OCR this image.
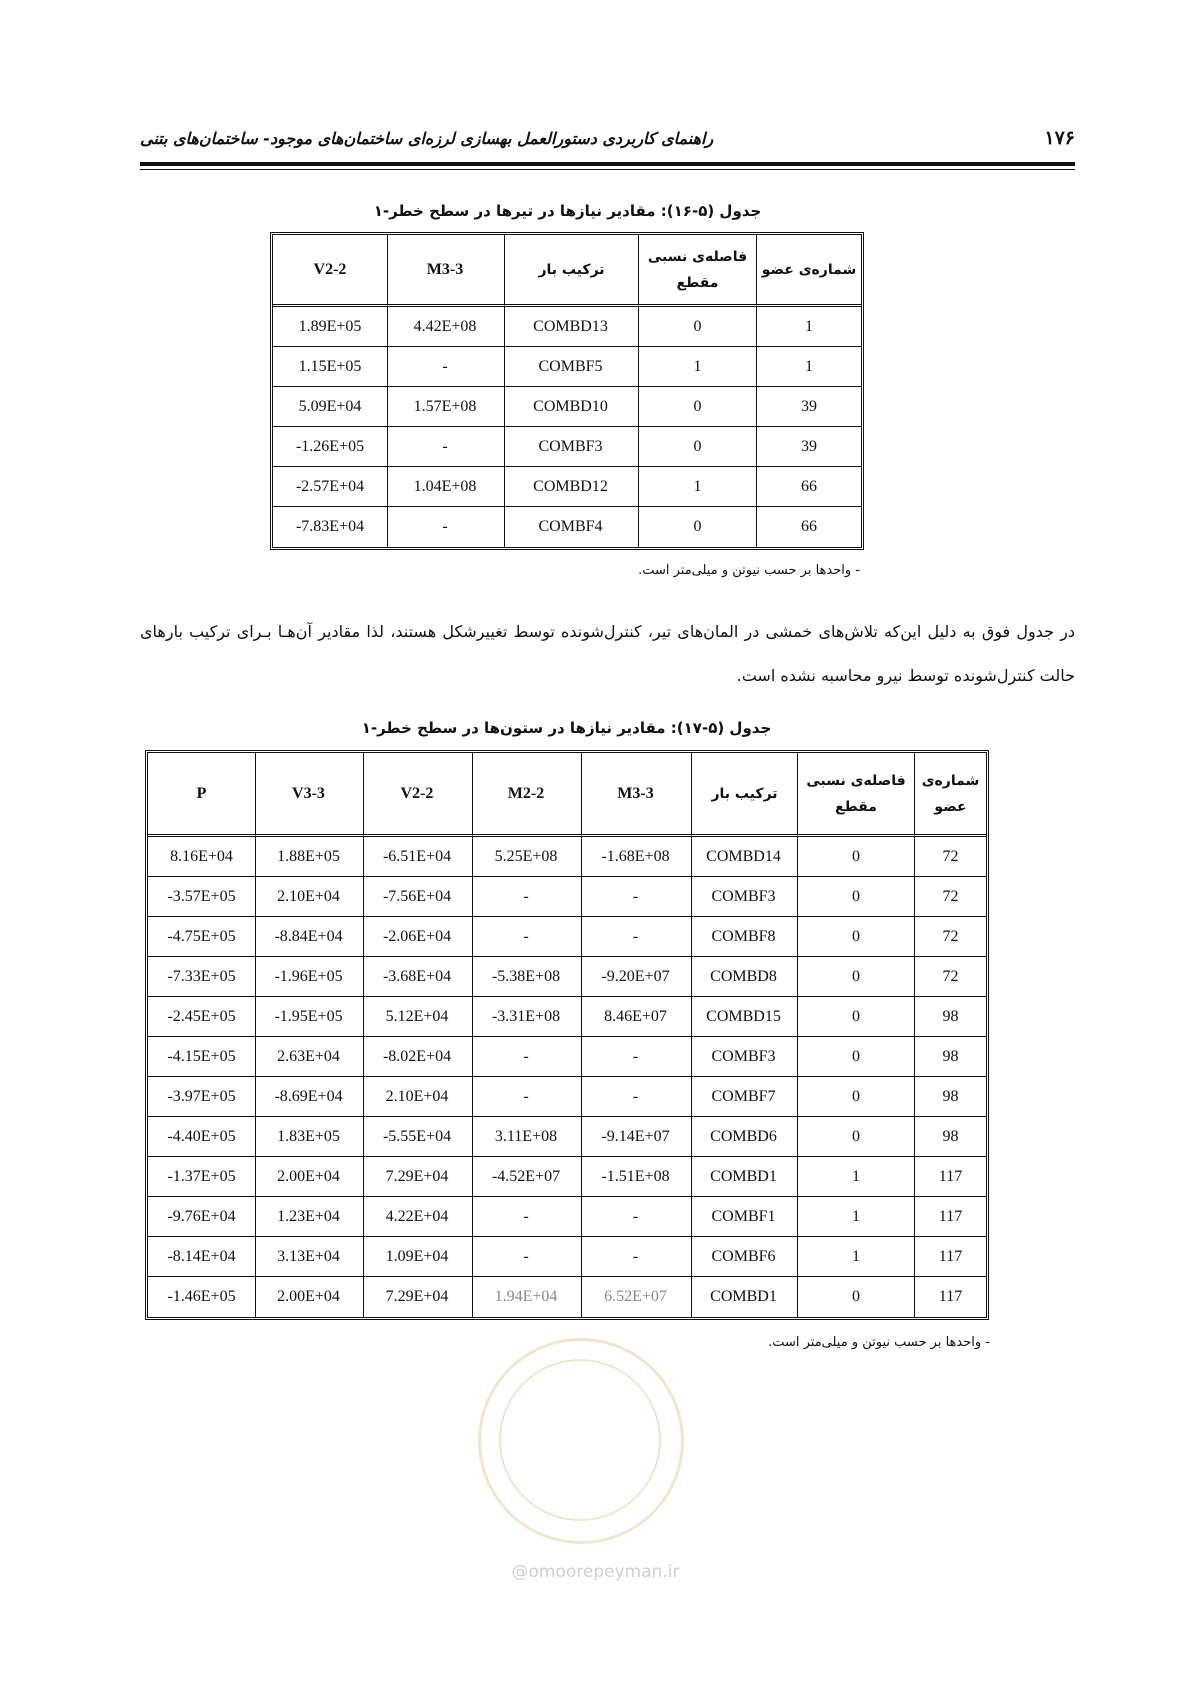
۱۷۶
راهنمای کاربردی دستورالعمل بهسازی لرزه‌ای ساختمان‌های موجود- ساختمان‌های بتنی
جدول (۵-۱۶): مقادیر نیازها در تیرها در سطح خطر-۱
شماره‌ی عضو	فاصله‌ی نسبی مقطع	ترکیب بار	M3-3	V2-2
1	0	COMBD13	4.42E+08	1.89E+05
1	1	COMBF5	-	1.15E+05
39	0	COMBD10	1.57E+08	5.09E+04
39	0	COMBF3	-	-1.26E+05
66	1	COMBD12	1.04E+08	-2.57E+04
66	0	COMBF4	-	-7.83E+04
- واحدها بر حسب نیوتن و میلی‌متر است.
در جدول فوق به دلیل این‌که تلاش‌های خمشی در المان‌های تیر، کنترل‌شونده توسط تغییرشکل هستند، لذا مقادیر آن‌هـا بـرای ترکیب بارهای حالت کنترل‌شونده توسط نیرو محاسبه نشده است.
جدول (۵-۱۷): مقادیر نیازها در ستون‌ها در سطح خطر-۱
شماره‌ی عضو	فاصله‌ی نسبی مقطع	ترکیب بار	M3-3	M2-2	V2-2	V3-3	P
72	0	COMBD14	-1.68E+08	5.25E+08	-6.51E+04	1.88E+05	8.16E+04
72	0	COMBF3	-	-	-7.56E+04	2.10E+04	-3.57E+05
72	0	COMBF8	-	-	-2.06E+04	-8.84E+04	-4.75E+05
72	0	COMBD8	-9.20E+07	-5.38E+08	-3.68E+04	-1.96E+05	-7.33E+05
98	0	COMBD15	8.46E+07	-3.31E+08	5.12E+04	-1.95E+05	-2.45E+05
98	0	COMBF3	-	-	-8.02E+04	2.63E+04	-4.15E+05
98	0	COMBF7	-	-	2.10E+04	-8.69E+04	-3.97E+05
98	0	COMBD6	-9.14E+07	3.11E+08	-5.55E+04	1.83E+05	-4.40E+05
117	1	COMBD1	-1.51E+08	-4.52E+07	7.29E+04	2.00E+04	-1.37E+05
117	1	COMBF1	-	-	4.22E+04	1.23E+04	-9.76E+04
117	1	COMBF6	-	-	1.09E+04	3.13E+04	-8.14E+04
117	0	COMBD1	6.52E+07	1.94E+04	7.29E+04	2.00E+04	-1.46E+05
- واحدها بر حسب نیوتن و میلی‌متر است.
@omoorepeyman.ir
